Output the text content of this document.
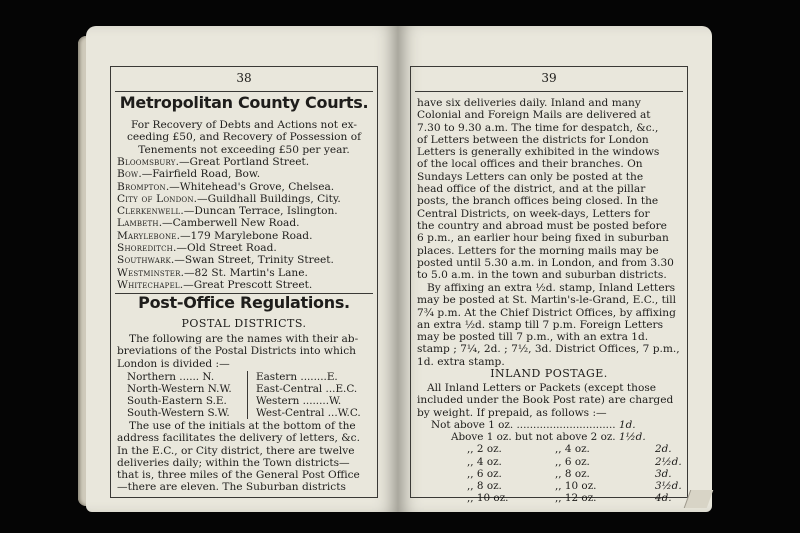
38
Metropolitan County Courts.
For Recovery of Debts and Actions not ex-
ceeding £50, and Recovery of Possession of
Tenements not exceeding £50 per year.
Bloomsbury.—Great Portland Street.
Bow.—Fairfield Road, Bow.
Brompton.—Whitehead's Grove, Chelsea.
City of London.—Guildhall Buildings, City.
Clerkenwell.—Duncan Terrace, Islington.
Lambeth.—Camberwell New Road.
Marylebone.—179 Marylebone Road.
Shoreditch.—Old Street Road.
Southwark.—Swan Street, Trinity Street.
Westminster.—82 St. Martin's Lane.
Whitechapel.—Great Prescott Street.
Post-Office Regulations.
POSTAL DISTRICTS.
The following are the names with their ab-
breviations of the Postal Districts into which
London is divided :—
Northern ...... N.	Eastern ........E.
North-Western N.W.	East-Central ...E.C.
South-Eastern S.E.	Western ........W.
South-Western S.W.	West-Central ...W.C.
The use of the initials at the bottom of the
address facilitates the delivery of letters, &c.
In the E.C., or City district, there are twelve
deliveries daily; within the Town districts—
that is, three miles of the General Post Office
—there are eleven. The Suburban districts
39
have six deliveries daily. Inland and many
Colonial and Foreign Mails are delivered at
7.30 to 9.30 a.m. The time for despatch, &c.,
of Letters between the districts for London
Letters is generally exhibited in the windows
of the local offices and their branches. On
Sundays Letters can only be posted at the
head office of the district, and at the pillar
posts, the branch offices being closed. In the
Central Districts, on week-days, Letters for
the country and abroad must be posted before
6 p.m., an earlier hour being fixed in suburban
places. Letters for the morning mails may be
posted until 5.30 a.m. in London, and from 3.30
to 5.0 a.m. in the town and suburban districts.
By affixing an extra ½d. stamp, Inland Letters
may be posted at St. Martin's-le-Grand, E.C., till
7¾ p.m. At the Chief District Offices, by affixing
an extra ½d. stamp till 7 p.m. Foreign Letters
may be posted till 7 p.m., with an extra 1d.
stamp ; 7¼, 2d. ; 7½, 3d. District Offices, 7 p.m.,
1d. extra stamp.
INLAND POSTAGE.
All Inland Letters or Packets (except those
included under the Book Post rate) are charged
by weight. If prepaid, as follows :—
Not above 1 oz. .............................. 1d.
Above 1 oz. but not above 2 oz. 1½d.
,, 2 oz.	,, 4 oz.	2d.
,, 4 oz.	,, 6 oz.	2½d.
,, 6 oz.	,, 8 oz.	3d.
,, 8 oz.	,, 10 oz.	3½d.
,, 10 oz.	,, 12 oz.	4d.
